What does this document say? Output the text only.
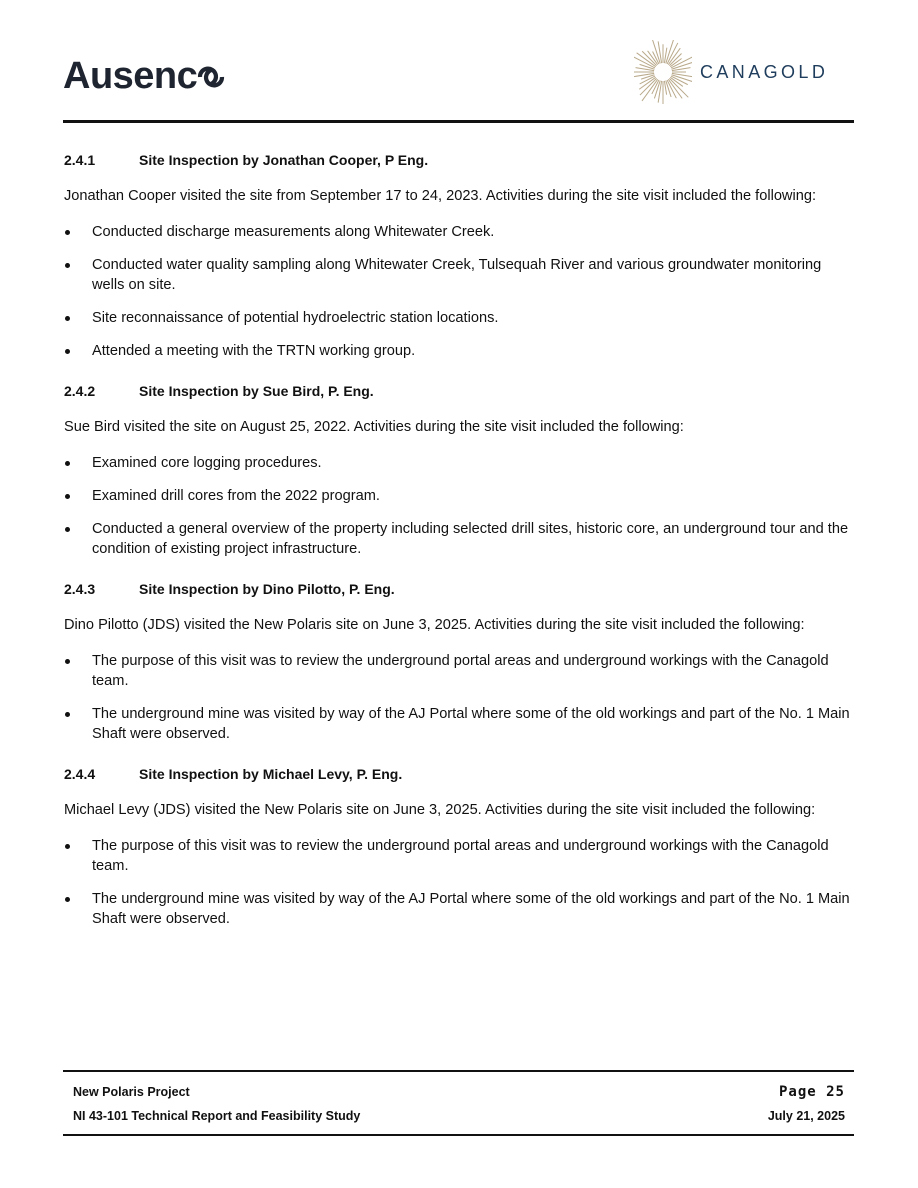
Ausenc	CANAGOLD
2.4.1	Site Inspection by Jonathan Cooper, P Eng.

Jonathan Cooper visited the site from September 17 to 24, 2023. Activities during the site visit included the following:

Conducted discharge measurements along Whitewater Creek.
Conducted water quality sampling along Whitewater Creek, Tulsequah River and various groundwater monitoring wells on site.
Site reconnaissance of potential hydroelectric station locations.
Attended a meeting with the TRTN working group.
2.4.2	Site Inspection by Sue Bird, P. Eng.

Sue Bird visited the site on August 25, 2022. Activities during the site visit included the following:

Examined core logging procedures.
Examined drill cores from the 2022 program.
Conducted a general overview of the property including selected drill sites, historic core, an underground tour and the condition of existing project infrastructure.
2.4.3	Site Inspection by Dino Pilotto, P. Eng.

Dino Pilotto (JDS) visited the New Polaris site on June 3, 2025. Activities during the site visit included the following:

The purpose of this visit was to review the underground portal areas and underground workings with the Canagold team.
The underground mine was visited by way of the AJ Portal where some of the old workings and part of the No. 1 Main Shaft were observed.
2.4.4	Site Inspection by Michael Levy, P. Eng.

Michael Levy (JDS) visited the New Polaris site on June 3, 2025. Activities during the site visit included the following:

The purpose of this visit was to review the underground portal areas and underground workings with the Canagold team.
The underground mine was visited by way of the AJ Portal where some of the old workings and part of the No. 1 Main Shaft were observed.
New Polaris Project
NI 43-101 Technical Report and Feasibility Study
Page 25
July 21, 2025
